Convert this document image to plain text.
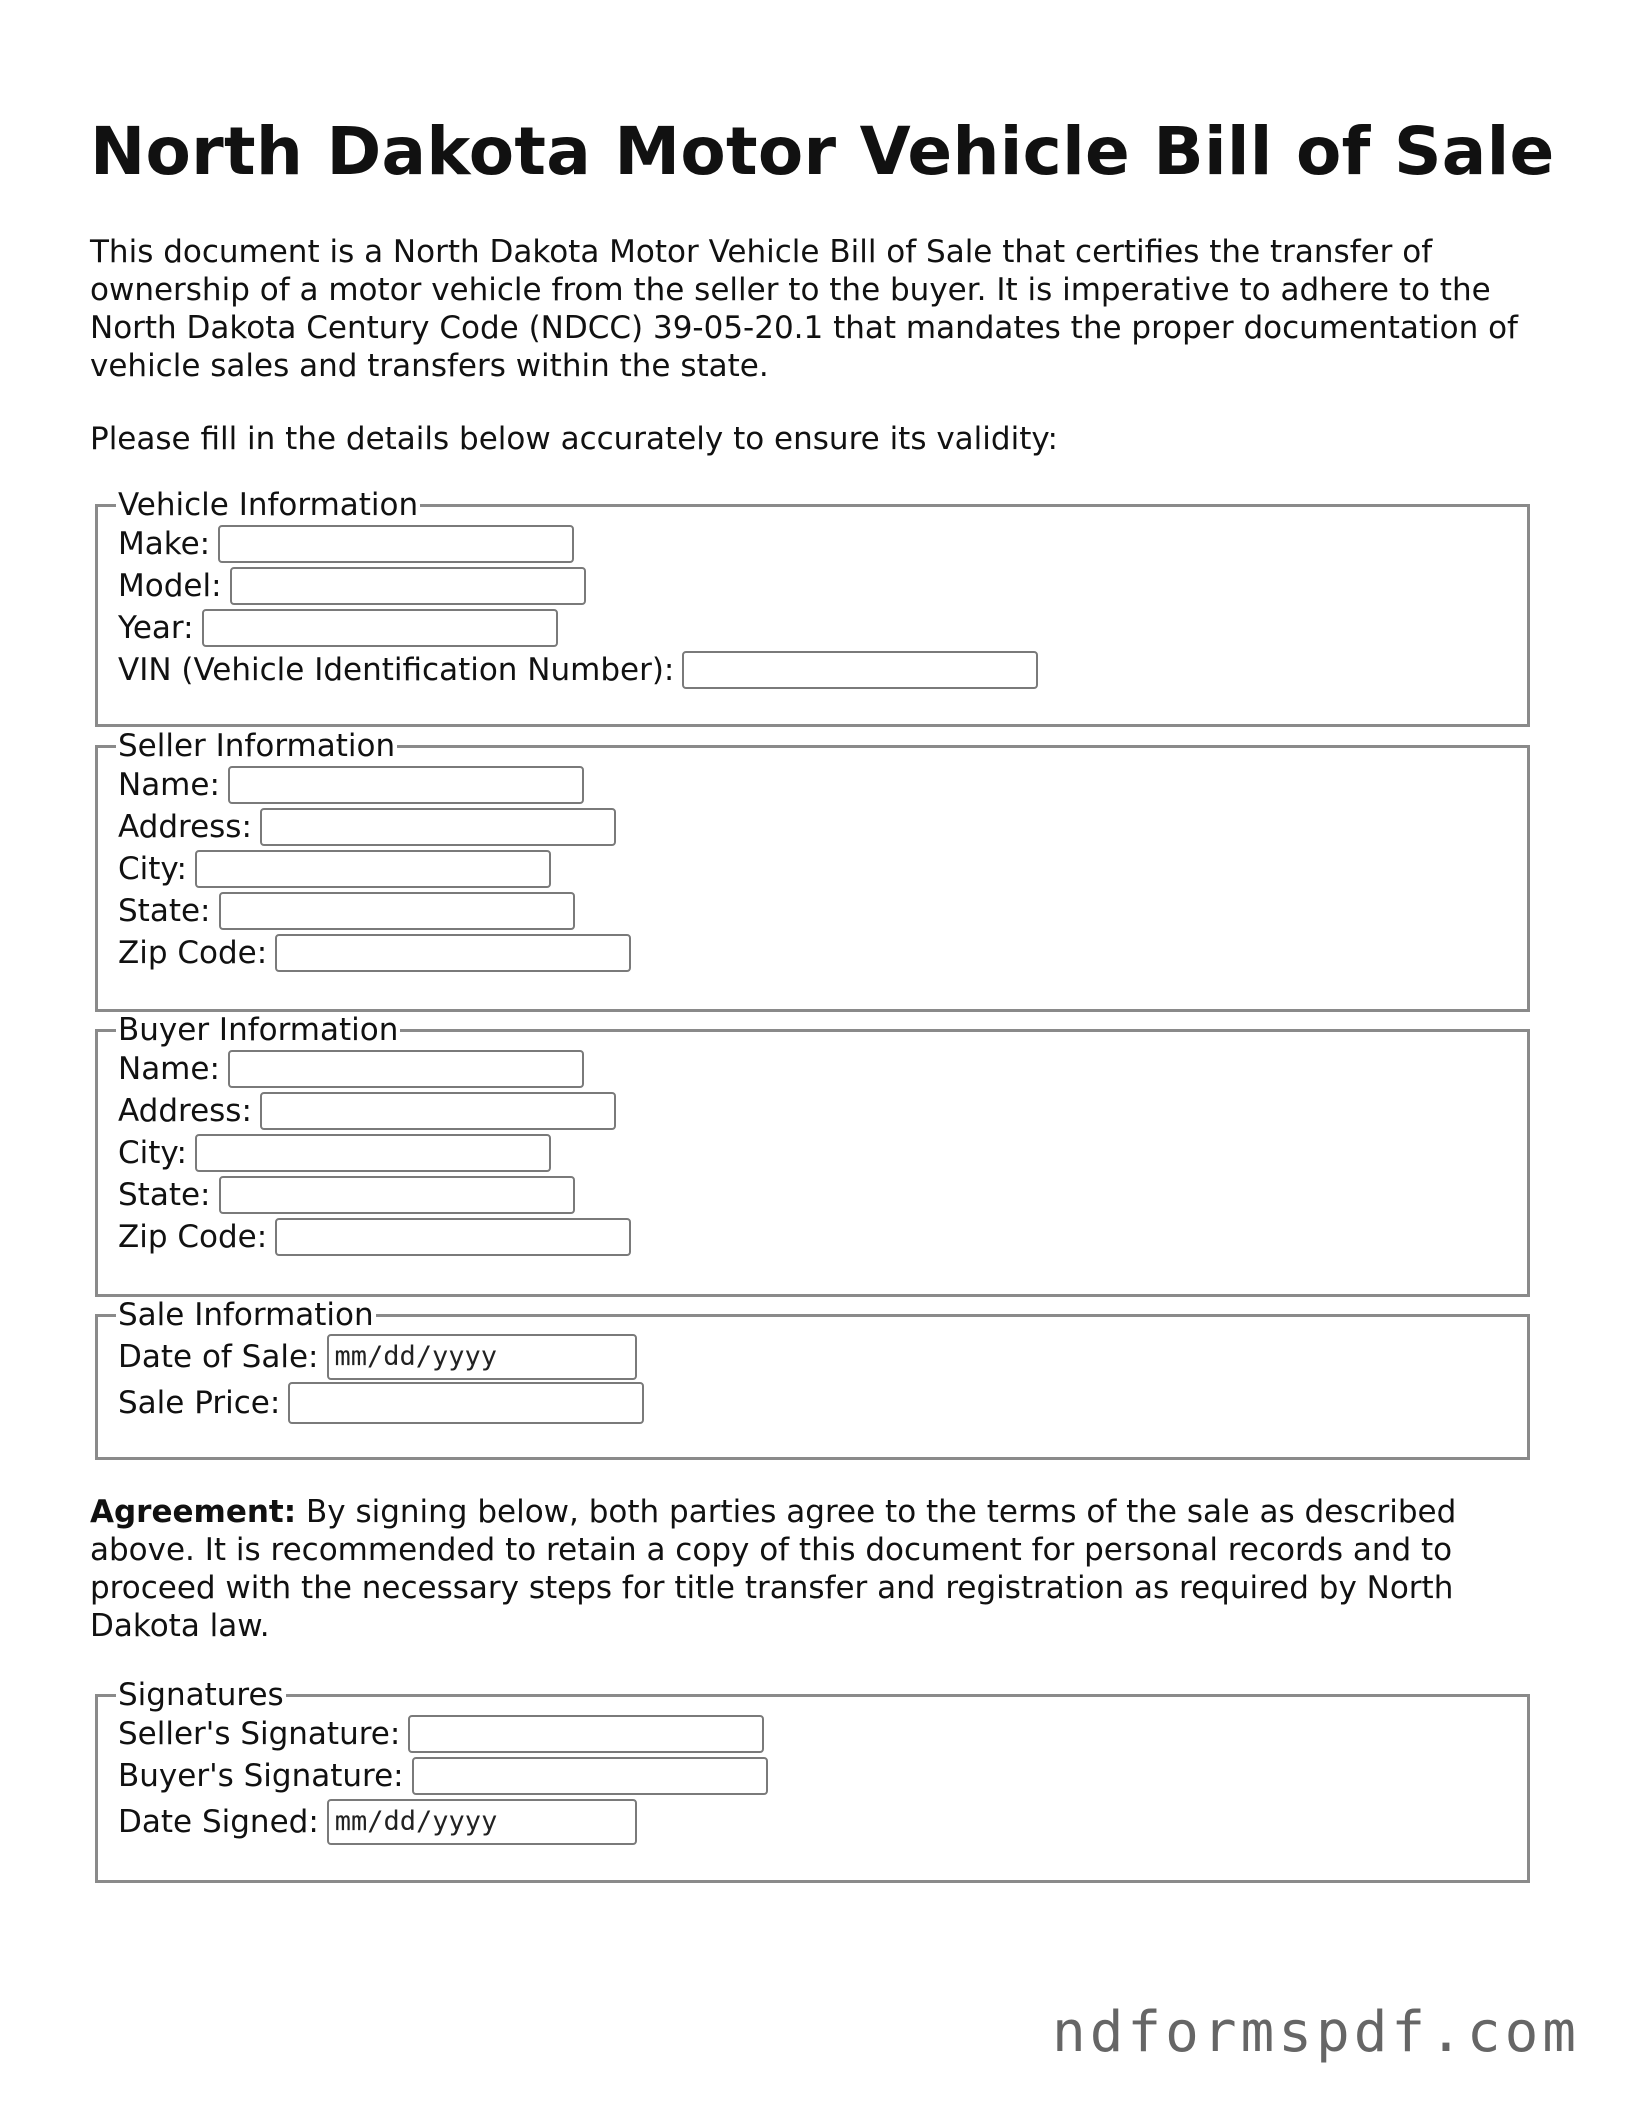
North Dakota Motor Vehicle Bill of Sale

This document is a North Dakota Motor Vehicle Bill of Sale that certifies the transfer of ownership of a motor vehicle from the seller to the buyer. It is imperative to adhere to the North Dakota Century Code (NDCC) 39-05-20.1 that mandates the proper documentation of vehicle sales and transfers within the state.

Please fill in the details below accurately to ensure its validity:

Vehicle Information
Make:
Model:
Year:
VIN (Vehicle Identification Number):
Seller Information
Name:
Address:
City:
State:
Zip Code:
Buyer Information
Name:
Address:
City:
State:
Zip Code:
Sale Information
Date of Sale: mm/dd/yyyy
Sale Price:

Agreement: By signing below, both parties agree to the terms of the sale as described above. It is recommended to retain a copy of this document for personal records and to proceed with the necessary steps for title transfer and registration as required by North Dakota law.

Signatures
Seller's Signature:
Buyer's Signature:
Date Signed: mm/dd/yyyy
ndformspdf.com
